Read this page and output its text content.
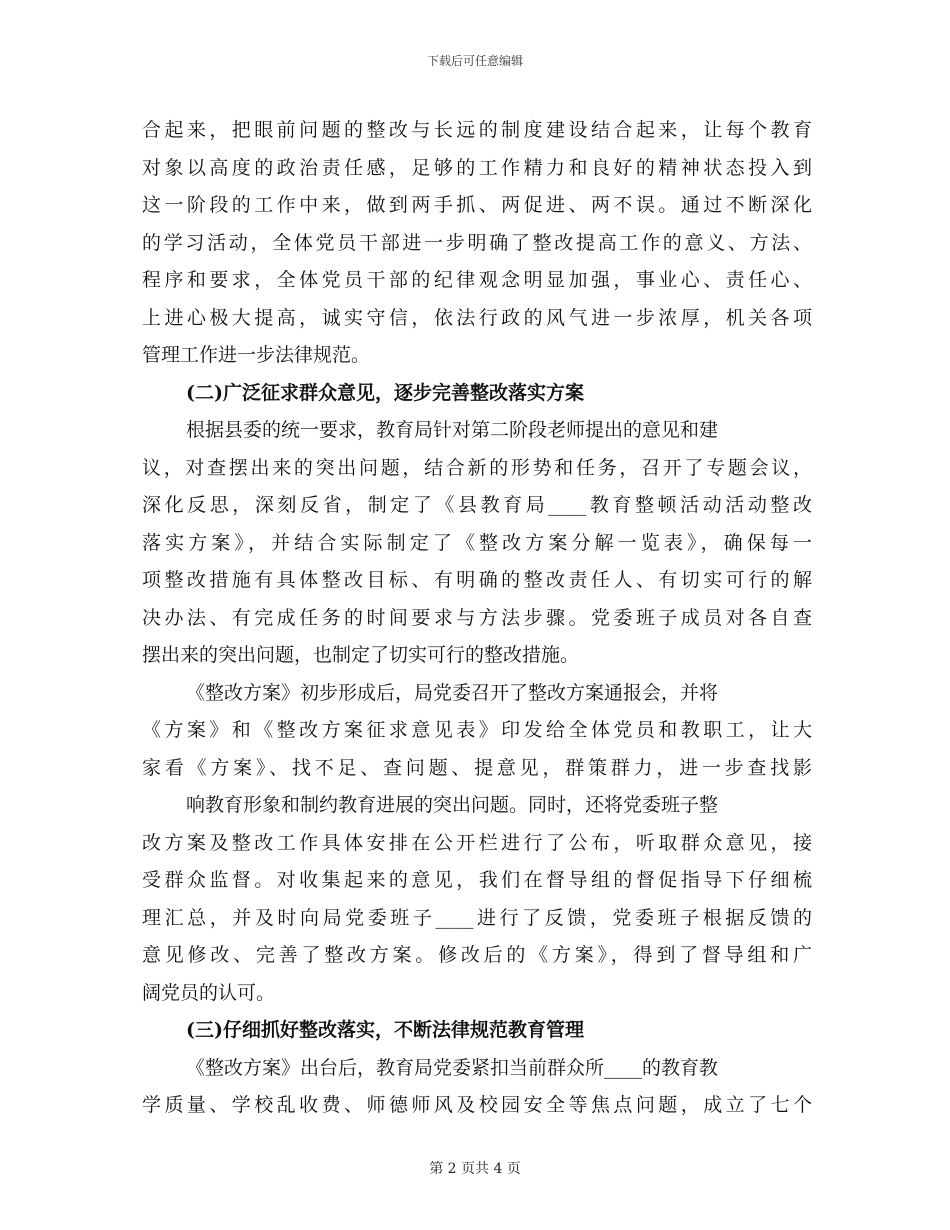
下载后可任意编辑
合起来，把眼前问题的整改与长远的制度建设结合起来，让每个教育
对象以高度的政治责任感，足够的工作精力和良好的精神状态投入到
这一阶段的工作中来，做到两手抓、两促进、两不误。通过不断深化
的学习活动，全体党员干部进一步明确了整改提高工作的意义、方法、
程序和要求，全体党员干部的纪律观念明显加强，事业心、责任心、
上进心极大提高，诚实守信，依法行政的风气进一步浓厚，机关各项
管理工作进一步法律规范。
(二)广泛征求群众意见，逐步完善整改落实方案
根据县委的统一要求，教育局针对第二阶段老师提出的意见和建
议，对查摆出来的突出问题，结合新的形势和任务，召开了专题会议，
深化反思，深刻反省，制定了《县教育局____教育整顿活动活动整改
落实方案》，并结合实际制定了《整改方案分解一览表》，确保每一
项整改措施有具体整改目标、有明确的整改责任人、有切实可行的解
决办法、有完成任务的时间要求与方法步骤。党委班子成员对各自查
摆出来的突出问题，也制定了切实可行的整改措施。
《整改方案》初步形成后，局党委召开了整改方案通报会，并将
《方案》和《整改方案征求意见表》印发给全体党员和教职工，让大
家看《方案》、找不足、查问题、提意见，群策群力，进一步查找影
响教育形象和制约教育进展的突出问题。同时，还将党委班子整
改方案及整改工作具体安排在公开栏进行了公布，听取群众意见，接
受群众监督。对收集起来的意见，我们在督导组的督促指导下仔细梳
理汇总，并及时向局党委班子____进行了反馈，党委班子根据反馈的
意见修改、完善了整改方案。修改后的《方案》，得到了督导组和广
阔党员的认可。
(三)仔细抓好整改落实，不断法律规范教育管理
《整改方案》出台后，教育局党委紧扣当前群众所____的教育教
学质量、学校乱收费、师德师风及校园安全等焦点问题，成立了七个
第 2 页共 4 页
